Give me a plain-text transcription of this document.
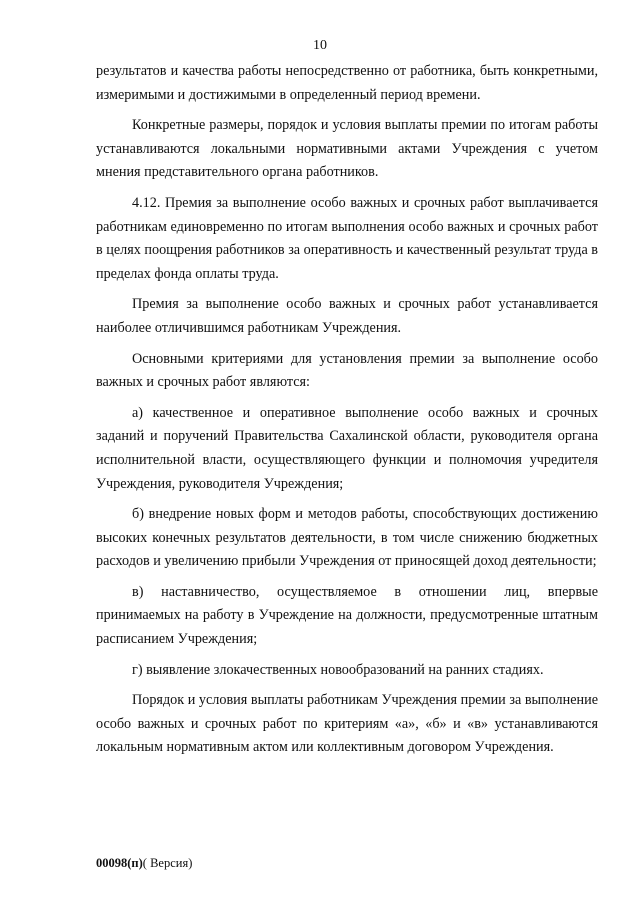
10

результатов и качества работы непосредственно от работника, быть конкретными, измеримыми и достижимыми в определенный период времени.

Конкретные размеры, порядок и условия выплаты премии по итогам работы устанавливаются локальными нормативными актами Учреждения с учетом мнения представительного органа работников.

4.12. Премия за выполнение особо важных и срочных работ выплачивается работникам единовременно по итогам выполнения особо важных и срочных работ в целях поощрения работников за оперативность и качественный результат труда в пределах фонда оплаты труда.

Премия за выполнение особо важных и срочных работ устанавливается наиболее отличившимся работникам Учреждения.

Основными критериями для установления премии за выполнение особо важных и срочных работ являются:

а) качественное и оперативное выполнение особо важных и срочных заданий и поручений Правительства Сахалинской области, руководителя органа исполнительной власти, осуществляющего функции и полномочия учредителя Учреждения, руководителя Учреждения;

б) внедрение новых форм и методов работы, способствующих достижению высоких конечных результатов деятельности, в том числе снижению бюджетных расходов и увеличению прибыли Учреждения от приносящей доход деятельности;

в) наставничество, осуществляемое в отношении лиц, впервые принимаемых на работу в Учреждение на должности, предусмотренные штатным расписанием Учреждения;

г) выявление злокачественных новообразований на ранних стадиях.

Порядок и условия выплаты работникам Учреждения премии за выполнение особо важных и срочных работ по критериям «а», «б» и «в» устанавливаются локальным нормативным актом или коллективным договором Учреждения.

00098(п)( Версия)
